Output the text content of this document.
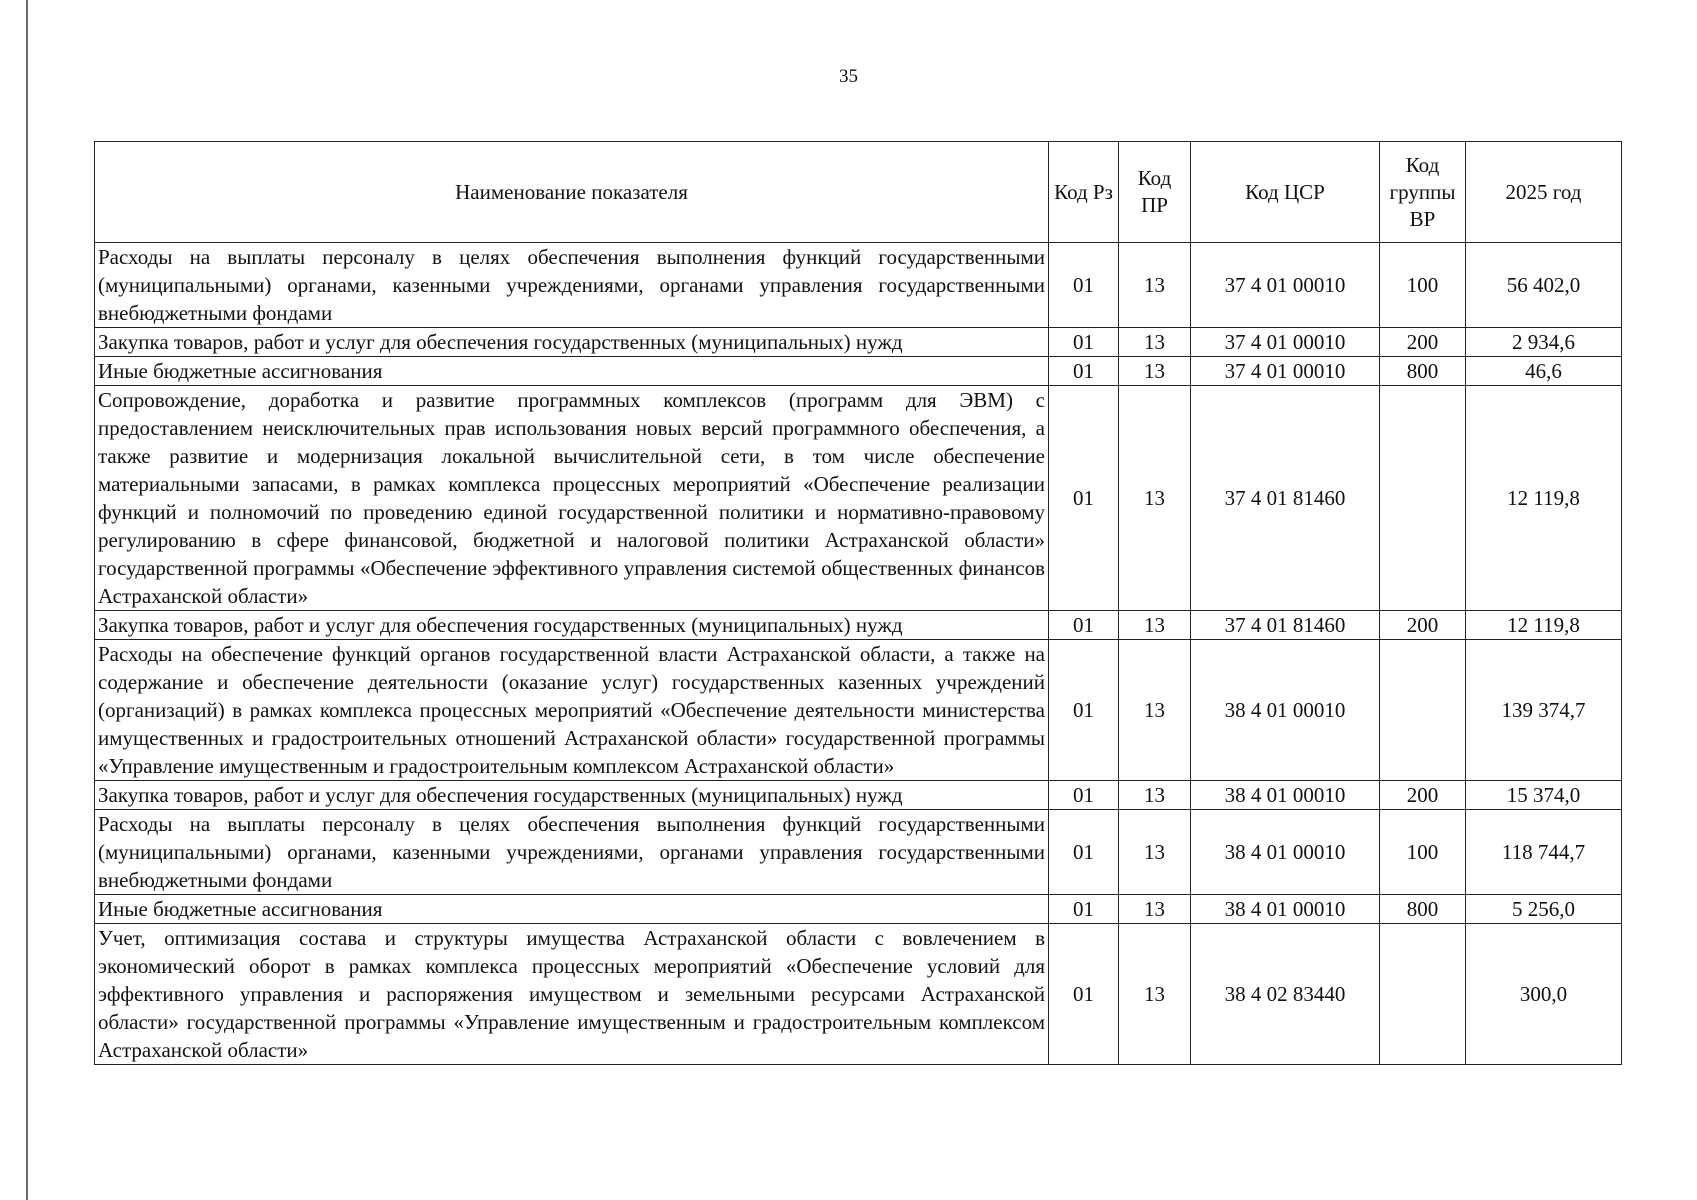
35
Наименование показателя	Код Рз	Код ПР	Код ЦСР	Код группы ВР	2025 год
Расходы на выплаты персоналу в целях обеспечения выполнения функций государственными (муниципальными) органами, казенными учреждениями, органами управления государственными внебюджетными фондами	01	13	37 4 01 00010	100	56 402,0
Закупка товаров, работ и услуг для обеспечения государственных (муниципальных) нужд	01	13	37 4 01 00010	200	2 934,6
Иные бюджетные ассигнования	01	13	37 4 01 00010	800	46,6
Сопровождение, доработка и развитие программных комплексов (программ для ЭВМ) с предоставлением неисключительных прав использования новых версий программного обеспечения, а также развитие и модернизация локальной вычислительной сети, в том числе обеспечение материальными запасами, в рамках комплекса процессных мероприятий «Обеспечение реализации функций и полномочий по проведению единой государственной политики и нормативно-правовому регулированию в сфере финансовой, бюджетной и налоговой политики Астраханской области» государственной программы «Обеспечение эффективного управления системой общественных финансов Астраханской области»	01	13	37 4 01 81460		12 119,8
Закупка товаров, работ и услуг для обеспечения государственных (муниципальных) нужд	01	13	37 4 01 81460	200	12 119,8
Расходы на обеспечение функций органов государственной власти Астраханской области, а также на содержание и обеспечение деятельности (оказание услуг) государственных казенных учреждений (организаций) в рамках комплекса процессных мероприятий «Обеспечение деятельности министерства имущественных и градостроительных отношений Астраханской области» государственной программы «Управление имущественным и градостроительным комплексом Астраханской области»	01	13	38 4 01 00010		139 374,7
Закупка товаров, работ и услуг для обеспечения государственных (муниципальных) нужд	01	13	38 4 01 00010	200	15 374,0
Расходы на выплаты персоналу в целях обеспечения выполнения функций государственными (муниципальными) органами, казенными учреждениями, органами управления государственными внебюджетными фондами	01	13	38 4 01 00010	100	118 744,7
Иные бюджетные ассигнования	01	13	38 4 01 00010	800	5 256,0
Учет, оптимизация состава и структуры имущества Астраханской области с вовлечением в экономический оборот в рамках комплекса процессных мероприятий «Обеспечение условий для эффективного управления и распоряжения имуществом и земельными ресурсами Астраханской области» государственной программы «Управление имущественным и градостроительным комплексом Астраханской области»	01	13	38 4 02 83440		300,0
